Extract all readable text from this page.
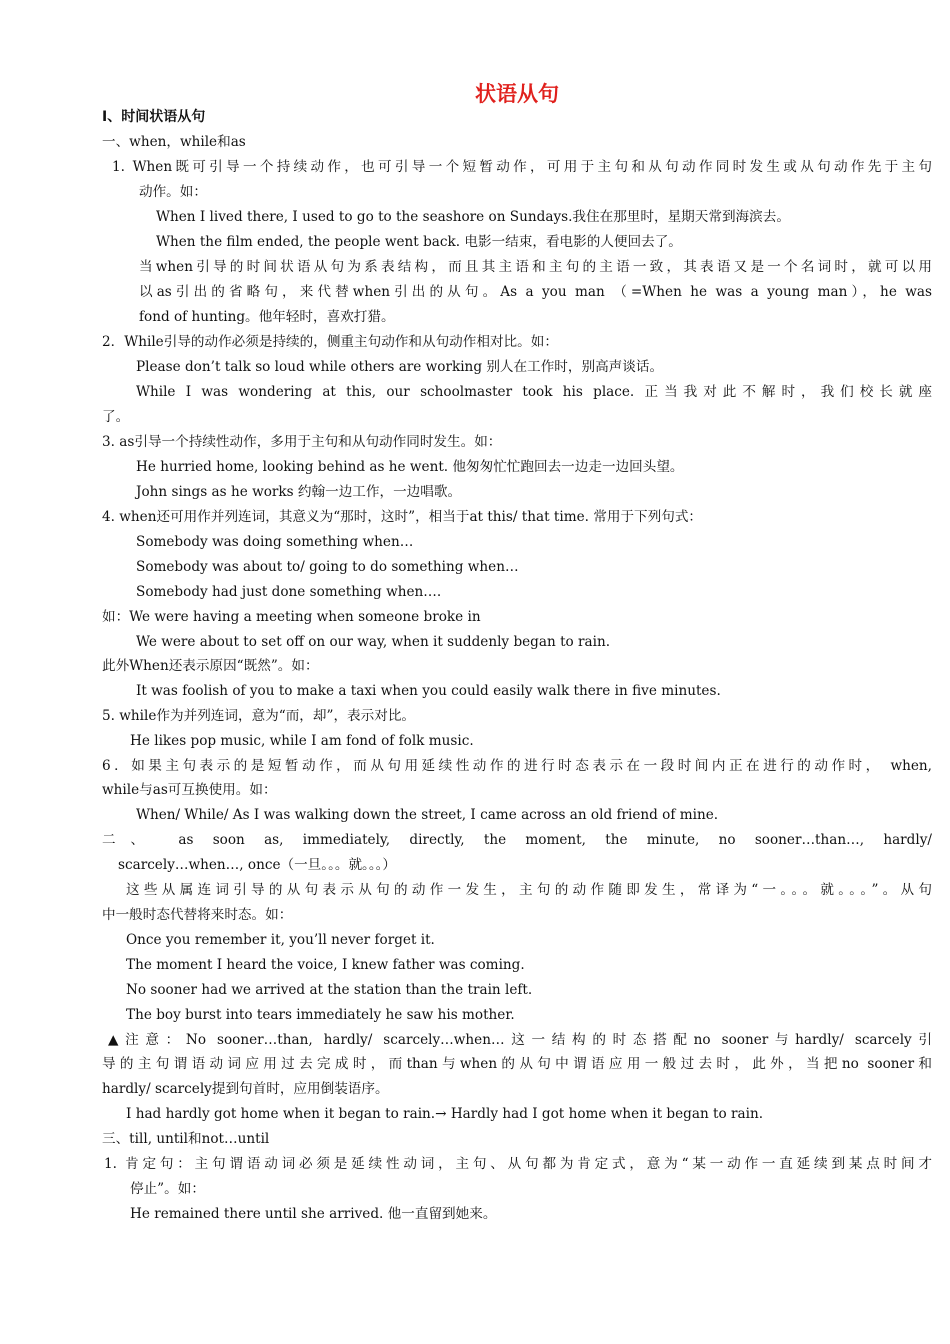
状语从句
I、时间状语从句
一、when，while和as
1. When既可引导一个持续动作，也可引导一个短暂动作，可用于主句和从句动作同时发生或从句动作先于主句
动作。如：
When I lived there, I used to go to the seashore on Sundays.我住在那里时，星期天常到海滨去。
When the film ended, the people went back. 电影一结束，看电影的人便回去了。
当when引导的时间状语从句为系表结构，而且其主语和主句的主语一致，其表语又是一个名词时，就可以用
以as引出的省略句，来代替when引出的从句。As a you man （=When he was a young man），he was
fond of hunting。他年轻时，喜欢打猎。
2．While引导的动作必须是持续的，侧重主句动作和从句动作相对比。如：
Please don’t talk so loud while others are working 别人在工作时，别高声谈话。
While I was wondering at this, our schoolmaster took his place. 正当我对此不解时，我们校长就座
了。
3. as引导一个持续性动作，多用于主句和从句动作同时发生。如：
He hurried home, looking behind as he went. 他匆匆忙忙跑回去一边走一边回头望。
John sings as he works 约翰一边工作，一边唱歌。
4. when还可用作并列连词，其意义为“那时，这时”，相当于at this/ that time. 常用于下列句式：
Somebody was doing something when…
Somebody was about to/ going to do something when…
Somebody had just done something when….
如：We were having a meeting when someone broke in
We were about to set off on our way, when it suddenly began to rain.
此外When还表示原因“既然”。如：
It was foolish of you to make a taxi when you could easily walk there in five minutes.
5. while作为并列连词，意为“而，却”，表示对比。
He likes pop music, while I am fond of folk music.
6．如果主句表示的是短暂动作，而从句用延续性动作的进行时态表示在一段时间内正在进行的动作时， when,
while与as可互换使用。如：
When/ While/ As I was walking down the street, I came across an old friend of mine.
二、 as soon as, immediately, directly, the moment, the minute, no sooner…than…, hardly/
scarcely…when…, once（一旦。。。就。。。）
这些从属连词引导的从句表示从句的动作一发生，主句的动作随即发生，常译为“一。。。就。。。”。从句
中一般时态代替将来时态。如：
Once you remember it, you’ll never forget it.
The moment I heard the voice, I knew father was coming.
No sooner had we arrived at the station than the train left.
The boy burst into tears immediately he saw his mother.
▲注意：No sooner…than, hardly/ scarcely…when…这一结构的时态搭配no sooner与hardly/ scarcely引
导的主句谓语动词应用过去完成时，而than与when的从句中谓语应用一般过去时，此外，当把no sooner和
hardly/ scarcely提到句首时，应用倒装语序。
I had hardly got home when it began to rain.→ Hardly had I got home when it began to rain.
三、till, until和not…until
1. 肯定句：主句谓语动词必须是延续性动词，主句、从句都为肯定式，意为“某一动作一直延续到某点时间才
停止”。如：
He remained there until she arrived. 他一直留到她来。
